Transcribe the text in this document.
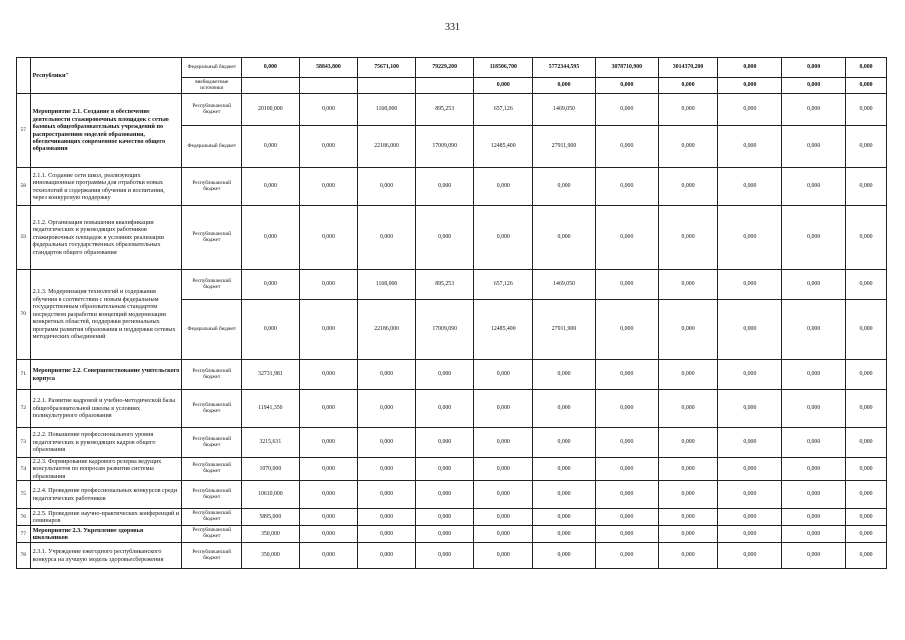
331
	Республики"	Федеральный бюджет	0,000	58843,800	75671,100	79229,200	118506,700	5772344,595	3078710,900	3014370,200	0,000	0,000	0,000
		внебюджетные источники					0,000	0,000	0,000	0,000	0,000	0,000	0,000
57	Мероприятие 2.1. Создание в обеспечение деятельности стажировочных площадок с сетью базовых общеобразовательных учреждений по распространению моделей образования, обеспечивающих современное качество общего образования	Республиканский бюджет	20100,000	0,000	1168,000	895,253	657,126	1469,050	0,000	0,000	0,000	0,000	0,000
		Федеральный бюджет	0,000	0,000	22186,000	17009,090	12485,400	27911,900	0,000	0,000	0,000	0,000	0,000
58	2.1.1. Создание сети школ, реализующих инновационные программы для отработки новых технологий и содержания обучения и воспитания, через конкурсную поддержку	Республиканский бюджет	0,000	0,000	0,000	0,000	0,000	0,000	0,000	0,000	0,000	0,000	0,000
59	2.1.2. Организация повышения квалификации педагогических и руководящих работников стажировочных площадок в условиях реализации федеральных государственных образовательных стандартов общего образования	Республиканский бюджет	0,000	0,000	0,000	0,000	0,000	0,000	0,000	0,000	0,000	0,000	0,000
70	2.1.3. Модернизация технологий и содержания обучения в соответствии с новым федеральным государственным образовательным стандартом посредством разработки концепций модернизации конкретных областей, поддержки региональных программ развития образования и поддержки сетевых методических объединений	Республиканский бюджет	0,000	0,000	1168,000	895,253	657,126	1469,050	0,000	0,000	0,000	0,000	0,000
		Федеральный бюджет	0,000	0,000	22186,000	17009,090	12485,400	27911,900	0,000	0,000	0,000	0,000	0,000
71	Мероприятие 2.2. Совершенствование учительского корпуса	Республиканский бюджет	32731,981	0,000	0,000	0,000	0,000	0,000	0,000	0,000	0,000	0,000	0,000
72	2.2.1. Развитие кадровой и учебно-методической базы общеобразовательной школы в условиях поликультурного образования	Республиканский бюджет	11941,350	0,000	0,000	0,000	0,000	0,000	0,000	0,000	0,000	0,000	0,000
73	2.2.2. Повышение профессионального уровня педагогических и руководящих кадров общего образования	Республиканский бюджет	3215,631	0,000	0,000	0,000	0,000	0,000	0,000	0,000	0,000	0,000	0,000
74	2.2.3. Формирование кадрового резерва ведущих консультантов по вопросам развития системы образования	Республиканский бюджет	1070,000	0,000	0,000	0,000	0,000	0,000	0,000	0,000	0,000	0,000	0,000
75	2.2.4. Проведение профессиональных конкурсов среди педагогических работников	Республиканский бюджет	10610,000	0,000	0,000	0,000	0,000	0,000	0,000	0,000	0,000	0,000	0,000
76	2.2.5. Проведение научно-практических конференций и семинаров	Республиканский бюджет	5895,000	0,000	0,000	0,000	0,000	0,000	0,000	0,000	0,000	0,000	0,000
77	Мероприятие 2.3. Укрепление здоровья школьников	Республиканский бюджет	350,000	0,000	0,000	0,000	0,000	0,000	0,000	0,000	0,000	0,000	0,000
78	2.3.1. Учреждение ежегодного республиканского конкурса на лучшую модель здоровьесбережения	Республиканский бюджет	350,000	0,000	0,000	0,000	0,000	0,000	0,000	0,000	0,000	0,000	0,000
